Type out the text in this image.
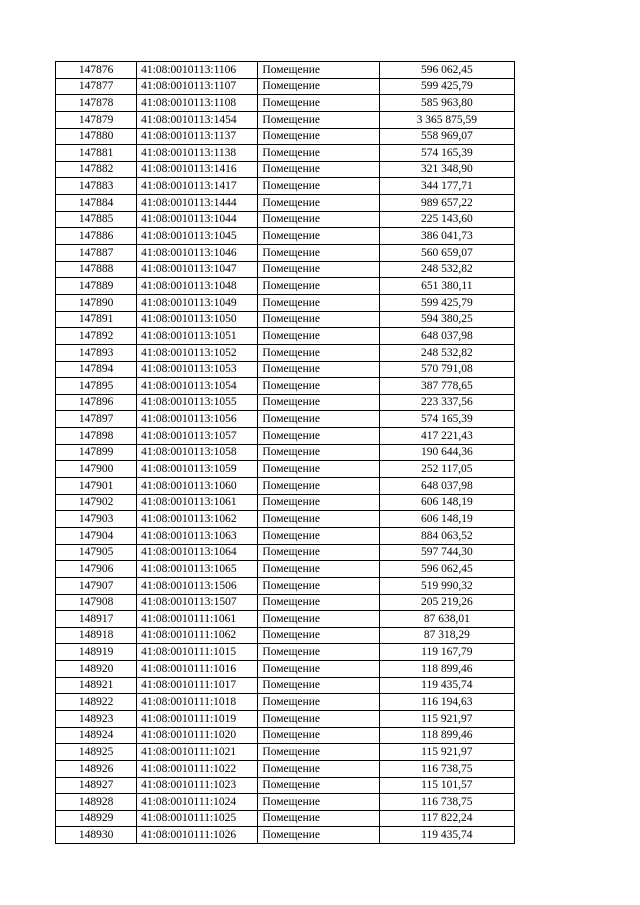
147876	41:08:0010113:1106	Помещение	596 062,45
147877	41:08:0010113:1107	Помещение	599 425,79
147878	41:08:0010113:1108	Помещение	585 963,80
147879	41:08:0010113:1454	Помещение	3 365 875,59
147880	41:08:0010113:1137	Помещение	558 969,07
147881	41:08:0010113:1138	Помещение	574 165,39
147882	41:08:0010113:1416	Помещение	321 348,90
147883	41:08:0010113:1417	Помещение	344 177,71
147884	41:08:0010113:1444	Помещение	989 657,22
147885	41:08:0010113:1044	Помещение	225 143,60
147886	41:08:0010113:1045	Помещение	386 041,73
147887	41:08:0010113:1046	Помещение	560 659,07
147888	41:08:0010113:1047	Помещение	248 532,82
147889	41:08:0010113:1048	Помещение	651 380,11
147890	41:08:0010113:1049	Помещение	599 425,79
147891	41:08:0010113:1050	Помещение	594 380,25
147892	41:08:0010113:1051	Помещение	648 037,98
147893	41:08:0010113:1052	Помещение	248 532,82
147894	41:08:0010113:1053	Помещение	570 791,08
147895	41:08:0010113:1054	Помещение	387 778,65
147896	41:08:0010113:1055	Помещение	223 337,56
147897	41:08:0010113:1056	Помещение	574 165,39
147898	41:08:0010113:1057	Помещение	417 221,43
147899	41:08:0010113:1058	Помещение	190 644,36
147900	41:08:0010113:1059	Помещение	252 117,05
147901	41:08:0010113:1060	Помещение	648 037,98
147902	41:08:0010113:1061	Помещение	606 148,19
147903	41:08:0010113:1062	Помещение	606 148,19
147904	41:08:0010113:1063	Помещение	884 063,52
147905	41:08:0010113:1064	Помещение	597 744,30
147906	41:08:0010113:1065	Помещение	596 062,45
147907	41:08:0010113:1506	Помещение	519 990,32
147908	41:08:0010113:1507	Помещение	205 219,26
148917	41:08:0010111:1061	Помещение	87 638,01
148918	41:08:0010111:1062	Помещение	87 318,29
148919	41:08:0010111:1015	Помещение	119 167,79
148920	41:08:0010111:1016	Помещение	118 899,46
148921	41:08:0010111:1017	Помещение	119 435,74
148922	41:08:0010111:1018	Помещение	116 194,63
148923	41:08:0010111:1019	Помещение	115 921,97
148924	41:08:0010111:1020	Помещение	118 899,46
148925	41:08:0010111:1021	Помещение	115 921,97
148926	41:08:0010111:1022	Помещение	116 738,75
148927	41:08:0010111:1023	Помещение	115 101,57
148928	41:08:0010111:1024	Помещение	116 738,75
148929	41:08:0010111:1025	Помещение	117 822,24
148930	41:08:0010111:1026	Помещение	119 435,74
